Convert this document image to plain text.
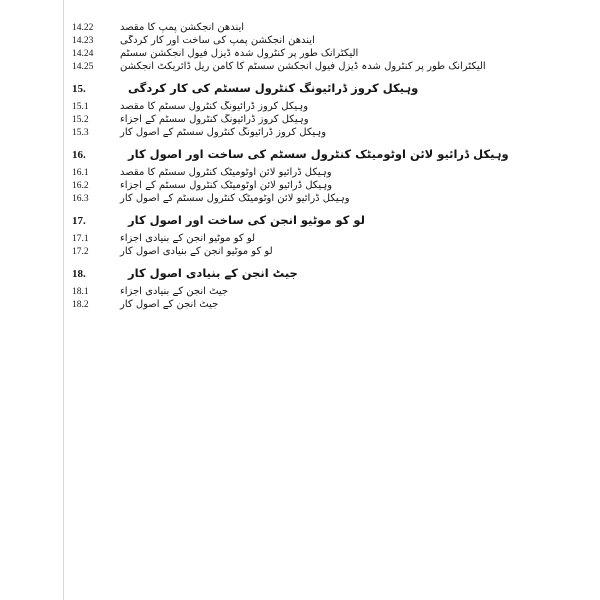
14.22	ایندھن انجکشن پمپ کا مقصد
14.23	ایندھن انجکشن پمپ کی ساخت اور کار کردگی
14.24	الیکٹرانک طور پر کنٹرول شدہ ڈیزل فیول انجکشن سسٹم
14.25	الیکٹرانک طور پر کنٹرول شدہ ڈیزل فیول انجکشن سسٹم کا کامن ریل ڈائریکٹ انجکشن
15.	وہیکل کروز ڈرائیونگ کنٹرول سسٹم کی کار کردگی
15.1	وہیکل کروز ڈرائیونگ کنٹرول سسٹم کا مقصد
15.2	وہیکل کروز ڈرائیونگ کنٹرول سسٹم کے اجزاء
15.3	وہیکل کروز ڈرائیونگ کنٹرول سسٹم کے اصول کار
16.	وہیکل ڈرائیو لائن اوٹومیٹک کنٹرول سسٹم کی ساخت اور اصول کار
16.1	وہیکل ڈرائیو لائن اوٹومیٹک کنٹرول سسٹم کا مقصد
16.2	وہیکل ڈرائیو لائن اوٹومیٹک کنٹرول سسٹم کے اجزاء
16.3	وہیکل ڈرائیو لائن اوٹومیٹک کنٹرول سسٹم کے اصول کار
17.	لو کو موٹیو انجن کی ساخت اور اصول کار
17.1	لو کو موٹیو انجن کے بنیادی اجزاء
17.2	لو کو موٹیو انجن کے بنیادی اصول کار
18.	جیٹ انجن کے بنیادی اصول کار
18.1	جیٹ انجن کے بنیادی اجزاء
18.2	جیٹ انجن کے اصول کار
